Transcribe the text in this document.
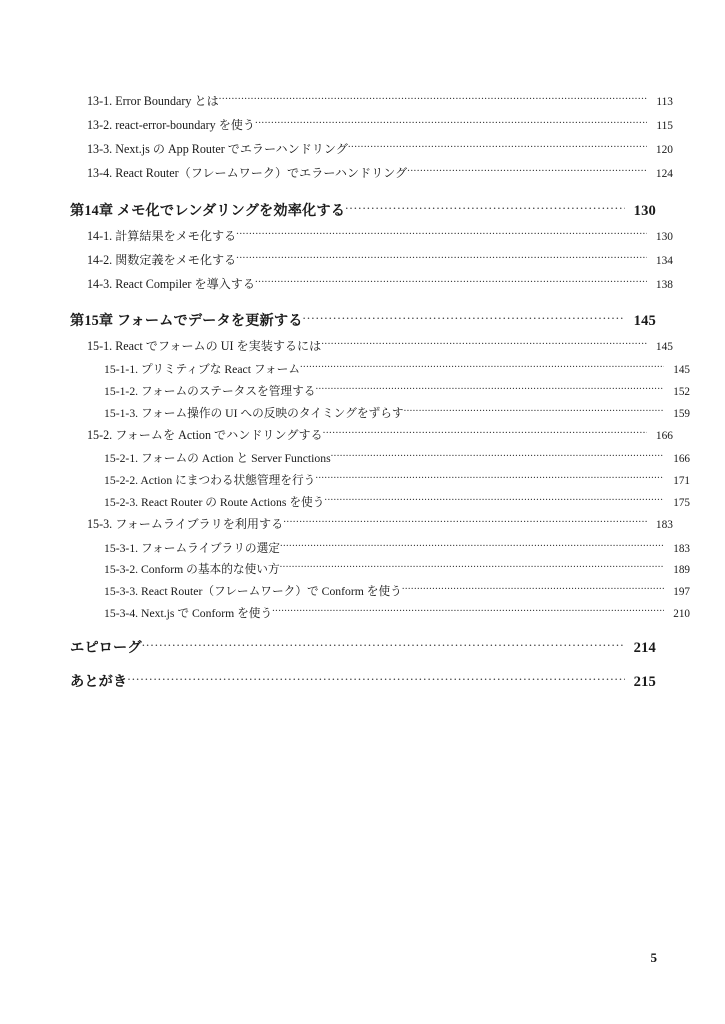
13-1. Error Boundary とは .....	113
13-2. react-error-boundary を使う .....	115
13-3. Next.js の App Router でエラーハンドリング .....	120
13-4. React Router（フレームワーク）でエラーハンドリング .....	124
第14章 メモ化でレンダリングを効率化する .....	130
14-1. 計算結果をメモ化する .....	130
14-2. 関数定義をメモ化する .....	134
14-3. React Compiler を導入する .....	138
第15章 フォームでデータを更新する .....	145
15-1. React でフォームの UI を実装するには .....	145
15-1-1. プリミティブな React フォーム .....	145
15-1-2. フォームのステータスを管理する .....	152
15-1-3. フォーム操作の UI への反映のタイミングをずらす .....	159
15-2. フォームを Action でハンドリングする .....	166
15-2-1. フォームの Action と Server Functions .....	166
15-2-2. Action にまつわる状態管理を行う .....	171
15-2-3. React Router の Route Actions を使う .....	175
15-3. フォームライブラリを利用する .....	183
15-3-1. フォームライブラリの選定 .....	183
15-3-2. Conform の基本的な使い方 .....	189
15-3-3. React Router（フレームワーク）で Conform を使う .....	197
15-3-4. Next.js で Conform を使う .....	210
エピローグ .....	214
あとがき .....	215
5
